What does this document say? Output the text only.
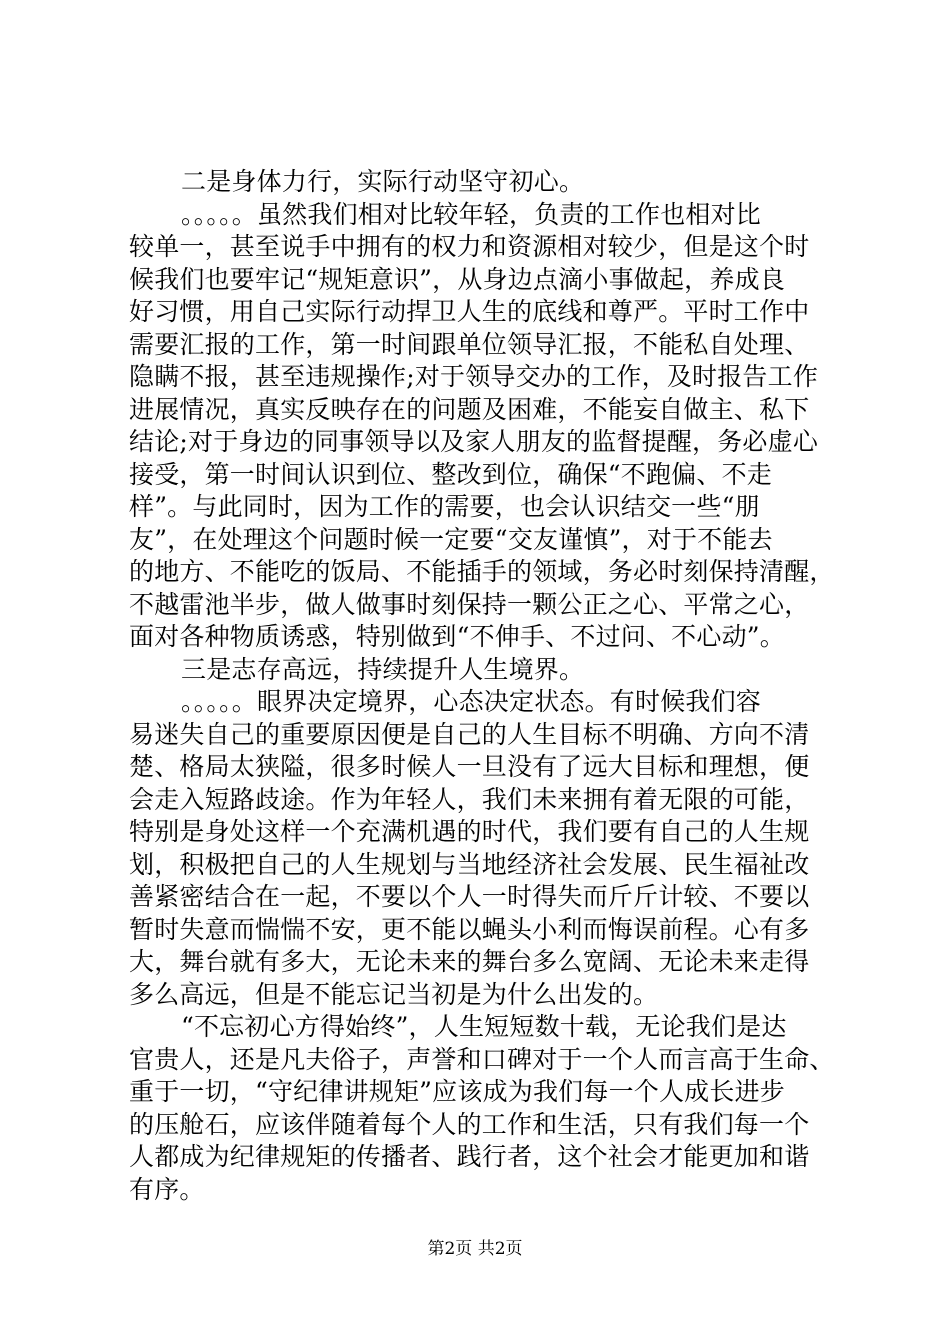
二是身体力行，实际行动坚守初心。
。。。。。虽然我们相对比较年轻，负责的工作也相对比
较单一，甚至说手中拥有的权力和资源相对较少，但是这个时
候我们也要牢记“规矩意识”，从身边点滴小事做起，养成良
好习惯，用自己实际行动捍卫人生的底线和尊严。平时工作中
需要汇报的工作，第一时间跟单位领导汇报，不能私自处理、
隐瞒不报，甚至违规操作;对于领导交办的工作，及时报告工作
进展情况，真实反映存在的问题及困难，不能妄自做主、私下
结论;对于身边的同事领导以及家人朋友的监督提醒，务必虚心
接受，第一时间认识到位、整改到位，确保“不跑偏、不走
样”。与此同时，因为工作的需要，也会认识结交一些“朋
友”，在处理这个问题时候一定要“交友谨慎”，对于不能去
的地方、不能吃的饭局、不能插手的领域，务必时刻保持清醒，
不越雷池半步，做人做事时刻保持一颗公正之心、平常之心，
面对各种物质诱惑，特别做到“不伸手、不过问、不心动”。
三是志存高远，持续提升人生境界。
。。。。。眼界决定境界，心态决定状态。有时候我们容
易迷失自己的重要原因便是自己的人生目标不明确、方向不清
楚、格局太狭隘，很多时候人一旦没有了远大目标和理想，便
会走入短路歧途。作为年轻人，我们未来拥有着无限的可能，
特别是身处这样一个充满机遇的时代，我们要有自己的人生规
划，积极把自己的人生规划与当地经济社会发展、民生福祉改
善紧密结合在一起，不要以个人一时得失而斤斤计较、不要以
暂时失意而惴惴不安，更不能以蝇头小利而悔误前程。心有多
大，舞台就有多大，无论未来的舞台多么宽阔、无论未来走得
多么高远，但是不能忘记当初是为什么出发的。
“不忘初心方得始终”，人生短短数十载，无论我们是达
官贵人，还是凡夫俗子，声誉和口碑对于一个人而言高于生命、
重于一切，“守纪律讲规矩”应该成为我们每一个人成长进步
的压舱石，应该伴随着每个人的工作和生活，只有我们每一个
人都成为纪律规矩的传播者、践行者，这个社会才能更加和谐
有序。
第2页 共2页
